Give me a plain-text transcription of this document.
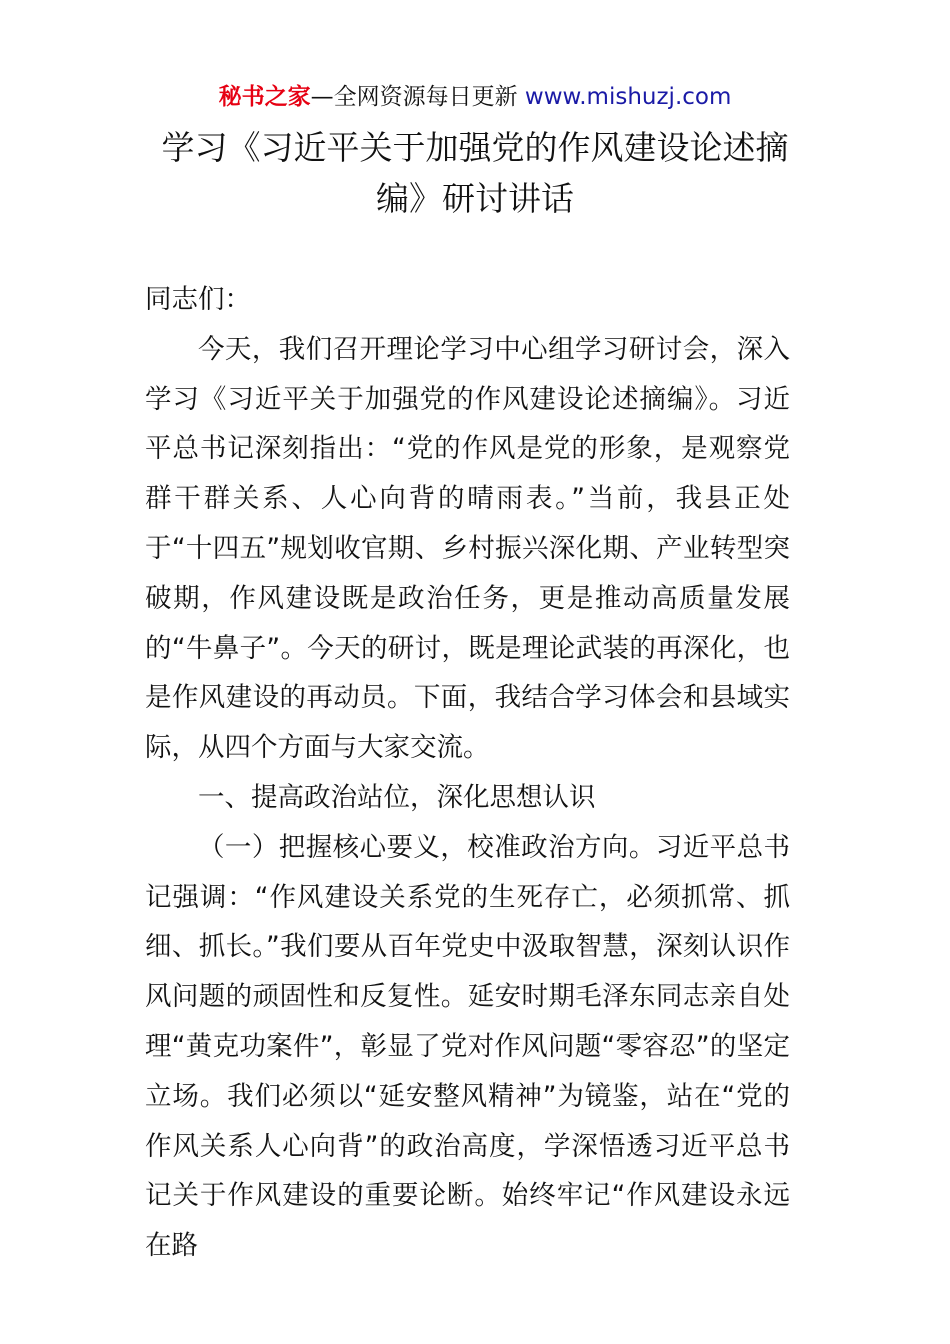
秘书之家—全网资源每日更新 www.mishuzj.com
学习《习近平关于加强党的作风建设论述摘编》研讨讲话

同志们：

今天，我们召开理论学习中心组学习研讨会，深入学习《习近平关于加强党的作风建设论述摘编》。习近平总书记深刻指出：“党的作风是党的形象，是观察党群干群关系、人心向背的晴雨表。”当前，我县正处于“十四五”规划收官期、乡村振兴深化期、产业转型突破期，作风建设既是政治任务，更是推动高质量发展的“牛鼻子”。今天的研讨，既是理论武装的再深化，也是作风建设的再动员。下面，我结合学习体会和县域实际，从四个方面与大家交流。

一、提高政治站位，深化思想认识

（一）把握核心要义，校准政治方向。习近平总书记强调：“作风建设关系党的生死存亡，必须抓常、抓细、抓长。”我们要从百年党史中汲取智慧，深刻认识作风问题的顽固性和反复性。延安时期毛泽东同志亲自处理“黄克功案件”，彰显了党对作风问题“零容忍”的坚定立场。我们必须以“延安整风精神”为镜鉴，站在“党的作风关系人心向背”的政治高度，学深悟透习近平总书记关于作风建设的重要论断。始终牢记“作风建设永远在路
